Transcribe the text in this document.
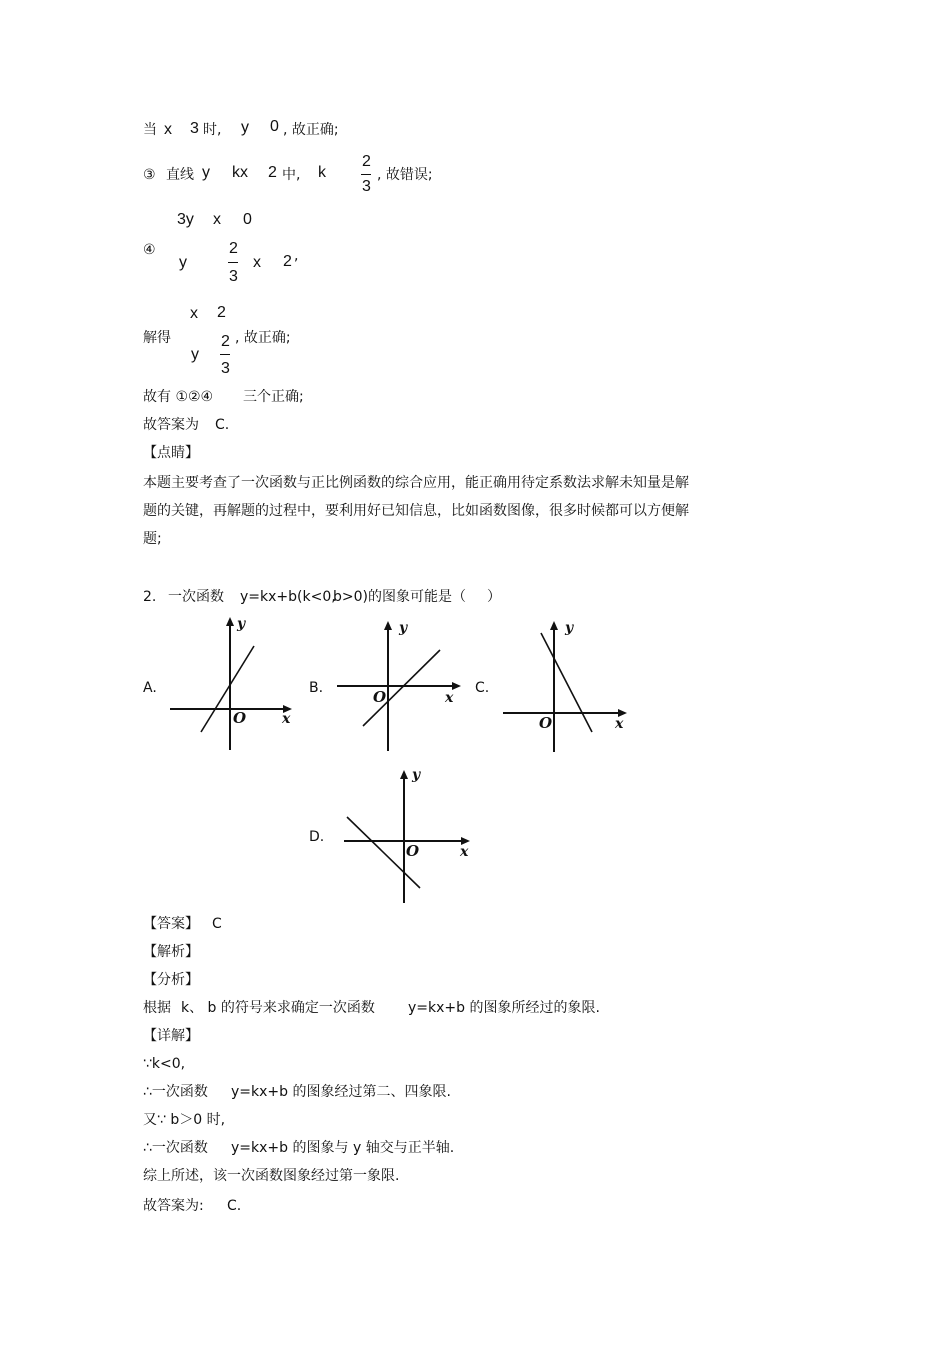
当 x 3 时, y 0 , 故正确;
③ 直线 y kx 2 中, k
2
3
, 故错误;
3y x 0
④
y
2
3
x 2 ,
x 2
解得
y
2
3
, 故正确;
故有 ①②④ 三个正确;
故答案为 C.
【点睛】
本题主要考查了一次函数与正比例函数的综合应用，能正确用待定系数法求解未知量是解
题的关键，再解题的过程中，要利用好已知信息，比如函数图像，很多时候都可以方便解
题;
2. 一次函数 y=kx+b(k<0,
b>0)的图象可能是（ ）
A.
y
x
O
B.
y
x
O	C.
y
x
O
D.
y
x
O
【答案】 C
【解析】
【分析】
根据 k、 b 的符号来求确定一次函数 y=kx+b 的图象所经过的象限.
【详解】
∵k<0,
∴一次函数 y=kx+b 的图象经过第二、四象限.
又∵ b＞0 时,
∴一次函数 y=kx+b 的图象与 y 轴交与正半轴.
综上所述，该一次函数图象经过第一象限.
故答案为: C.
